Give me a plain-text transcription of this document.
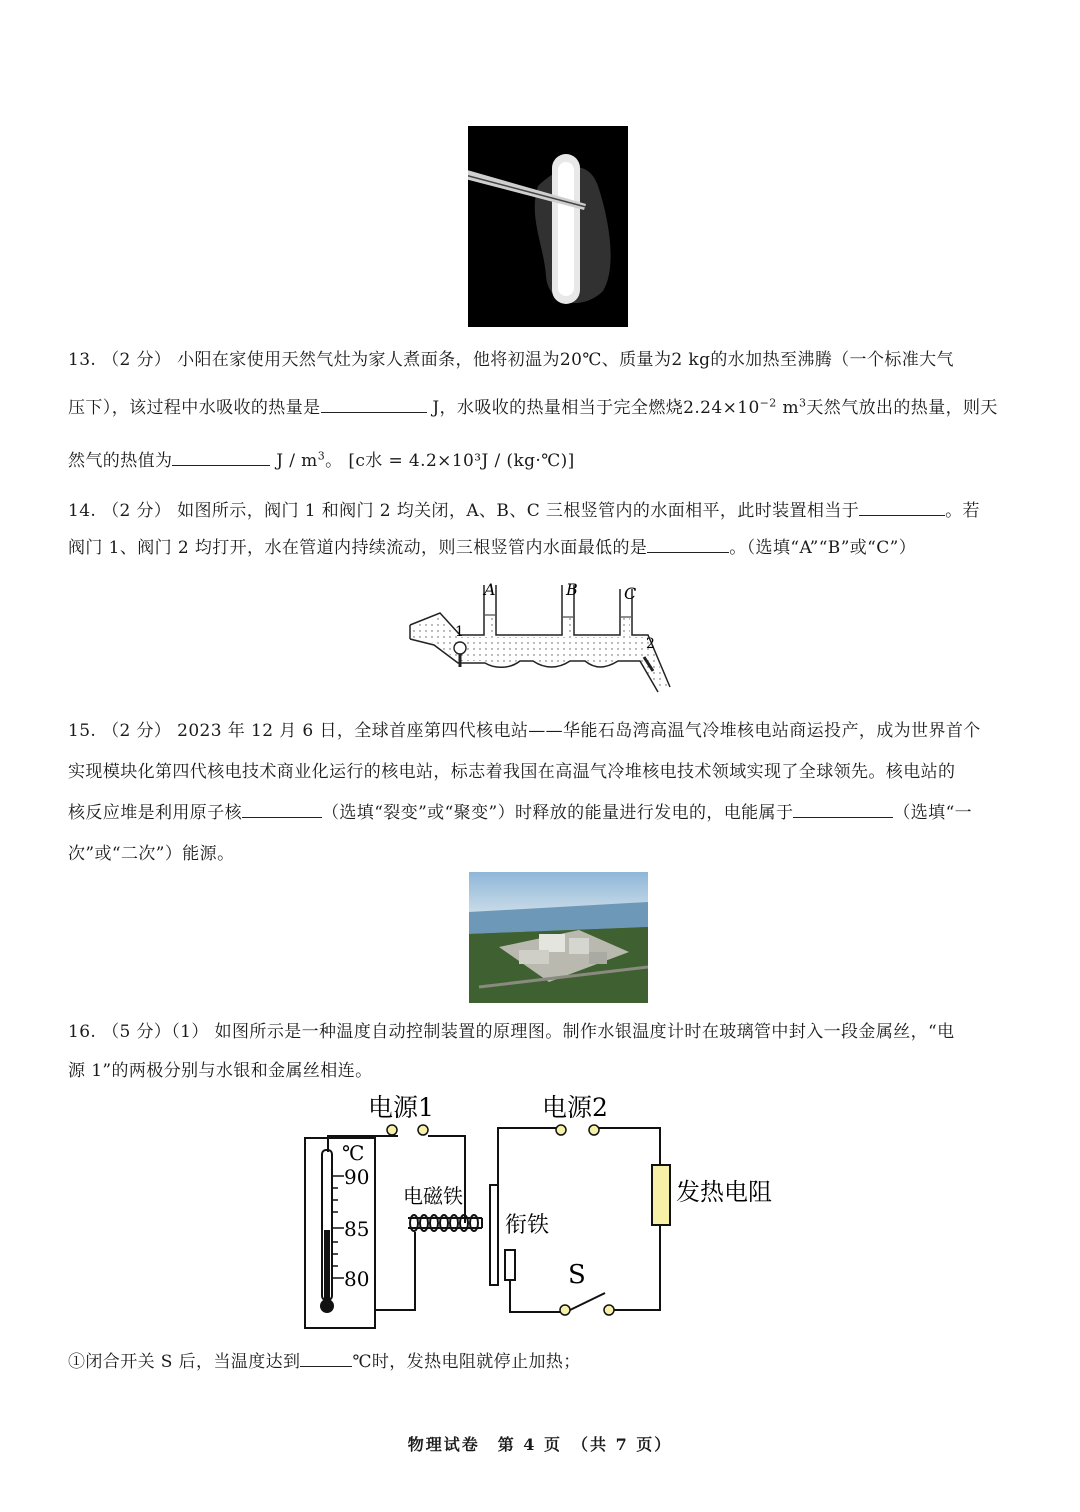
13. （2 分） 小阳在家使用天然气灶为家人煮面条，他将初温为20℃、质量为2 kg的水加热至沸腾（一个标准大气
压下），该过程中水吸收的热量是	J，水吸收的热量相当于完全燃烧$2.24\times 10^{-2}$ $m^3$天然气放出的热量，则天
然气的热值为	J / $m^3$。 [c水 = 4.2×10³J / (kg·℃)]
14. （2 分） 如图所示，阀门 1 和阀门 2 均关闭，A、B、C 三根竖管内的水面相平，此时装置相当于	。若
阀门 1、阀门 2 均打开，水在管道内持续流动，则三根竖管内水面最低的是	。（选填“A”“B”或“C”）
1
2
A	B	C
15. （2 分） 2023 年 12 月 6 日，全球首座第四代核电站——华能石岛湾高温气冷堆核电站商运投产，成为世界首个
实现模块化第四代核电技术商业化运行的核电站，标志着我国在高温气冷堆核电技术领域实现了全球领先。核电站的
核反应堆是利用原子核	（选填“裂变”或“聚变”）时释放的能量进行发电的，电能属于	（选填“一
次”或“二次”）能源。
16. （5 分）（1） 如图所示是一种温度自动控制装置的原理图。制作水银温度计时在玻璃管中封入一段金属丝，“电
源 1”的两极分别与水银和金属丝相连。
电源1	电源2
℃
90
85
80
电磁铁
衔铁
发热电阻
S
①闭合开关 S 后，当温度达到	℃时，发热电阻就停止加热；
物理试卷　第 4 页　（共 7 页）
